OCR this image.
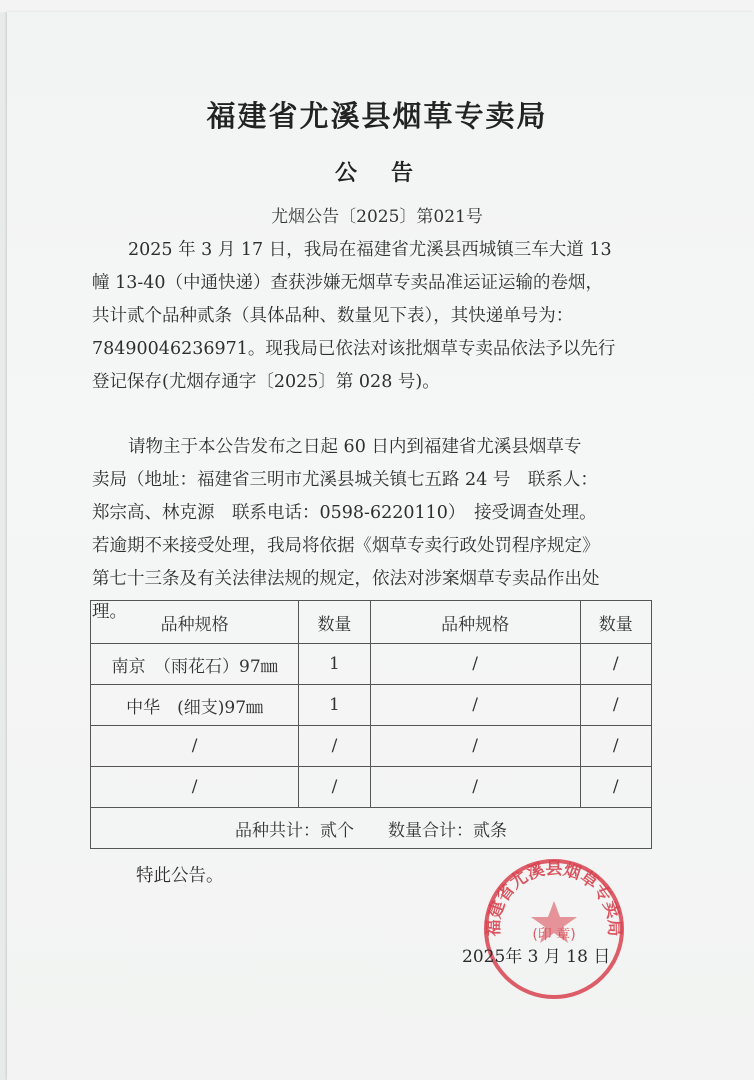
福建省尤溪县烟草专卖局
公　告
尤烟公告〔2025〕第021号
2025 年 3 月 17 日，我局在福建省尤溪县西城镇三车大道 13
幢 13-40（中通快递）查获涉嫌无烟草专卖品准运证运输的卷烟，
共计贰个品种贰条（具体品种、数量见下表），其快递单号为：
78490046236971。现我局已依法对该批烟草专卖品依法予以先行
登记保存(尤烟存通字〔2025〕第 028 号)。
请物主于本公告发布之日起 60 日内到福建省尤溪县烟草专
卖局（地址：福建省三明市尤溪县城关镇七五路 24 号　联系人：
郑宗高、林克源　联系电话：0598-6220110）　接受调查处理。
若逾期不来接受处理，我局将依据《烟草专卖行政处罚程序规定》
第七十三条及有关法律法规的规定，依法对涉案烟草专卖品作出处
理。
品种规格	数量	品种规格	数量
南京　（雨花石）97㎜	1	/	/
中华　(细支)97㎜	1	/	/
/	/	/	/
/	/	/	/
品种共计：贰个　　数量合计：贰条			
特此公告。
福建省尤溪县烟草专卖局
(印 章)
2025年 3 月 18 日
